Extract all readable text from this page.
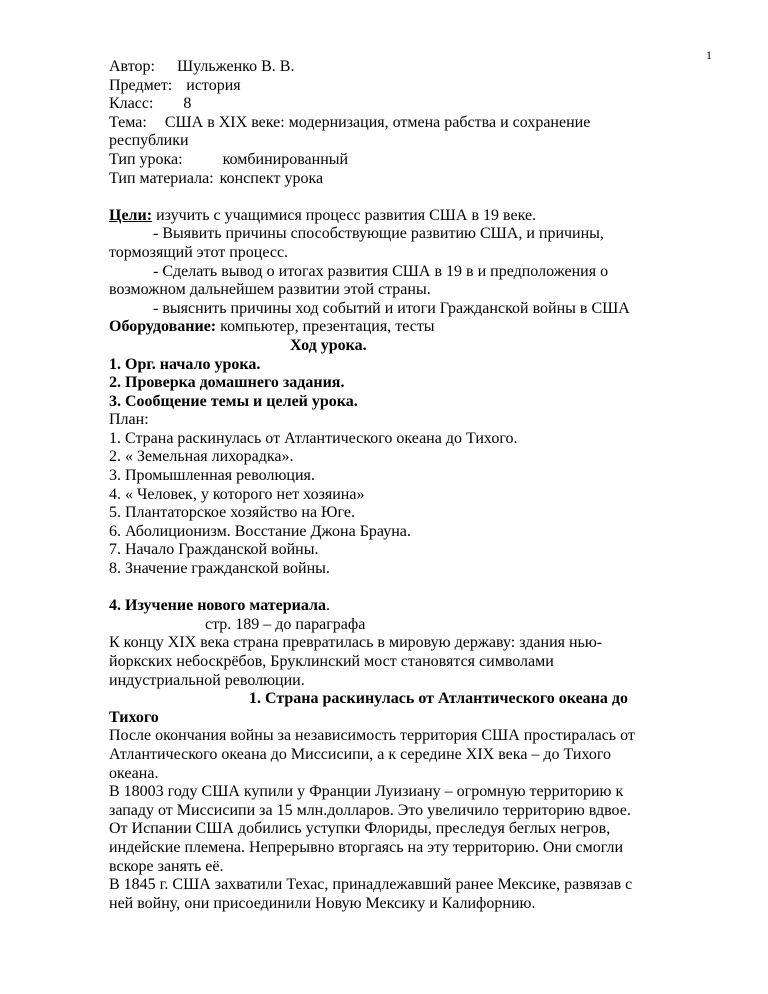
1
Автор: Шульженко В. В.
Предмет: история
Класс: 8
Тема: США в XIX веке: модернизация, отмена рабства и сохранение
республики
Тип урока:	комбинированный
Тип материала: конспект урока
Цели: изучить с учащимися процесс развития США в 19 веке.
- Выявить причины способствующие развитию США, и причины,
тормозящий этот процесс.
- Сделать вывод о итогах развития США в 19 в и предположения о
возможном дальнейшем развитии этой страны.
- выяснить причины ход событий и итоги Гражданской войны в США
Оборудование: компьютер, презентация, тесты
Ход урока.
1. Орг. начало урока.
2. Проверка домашнего задания.
3. Сообщение темы и целей урока.
План:
1. Страна раскинулась от Атлантического океана до Тихого.
2. « Земельная лихорадка».
3. Промышленная революция.
4. « Человек, у которого нет хозяина»
5. Плантаторское хозяйство на Юге.
6. Аболиционизм. Восстание Джона Брауна.
7. Начало Гражданской войны.
8. Значение гражданской войны.
4. Изучение нового материала.
стр. 189 – до параграфа
К концу XIX века страна превратилась в мировую державу: здания нью-
йоркских небоскрёбов, Бруклинский мост становятся символами
индустриальной революции.
1. Страна раскинулась от Атлантического океана до
Тихого
После окончания войны за независимость территория США простиралась от
Атлантического океана до Миссисипи, а к середине XIX века – до Тихого
океана.
В 18003 году США купили у Франции Луизиану – огромную территорию к
западу от Миссисипи за 15 млн.долларов. Это увеличило территорию вдвое.
От Испании США добились уступки Флориды, преследуя беглых негров,
индейские племена. Непрерывно вторгаясь на эту территорию. Они смогли
вскоре занять её.
В 1845 г. США захватили Техас, принадлежавший ранее Мексике, развязав с
ней войну, они присоединили Новую Мексику и Калифорнию.
